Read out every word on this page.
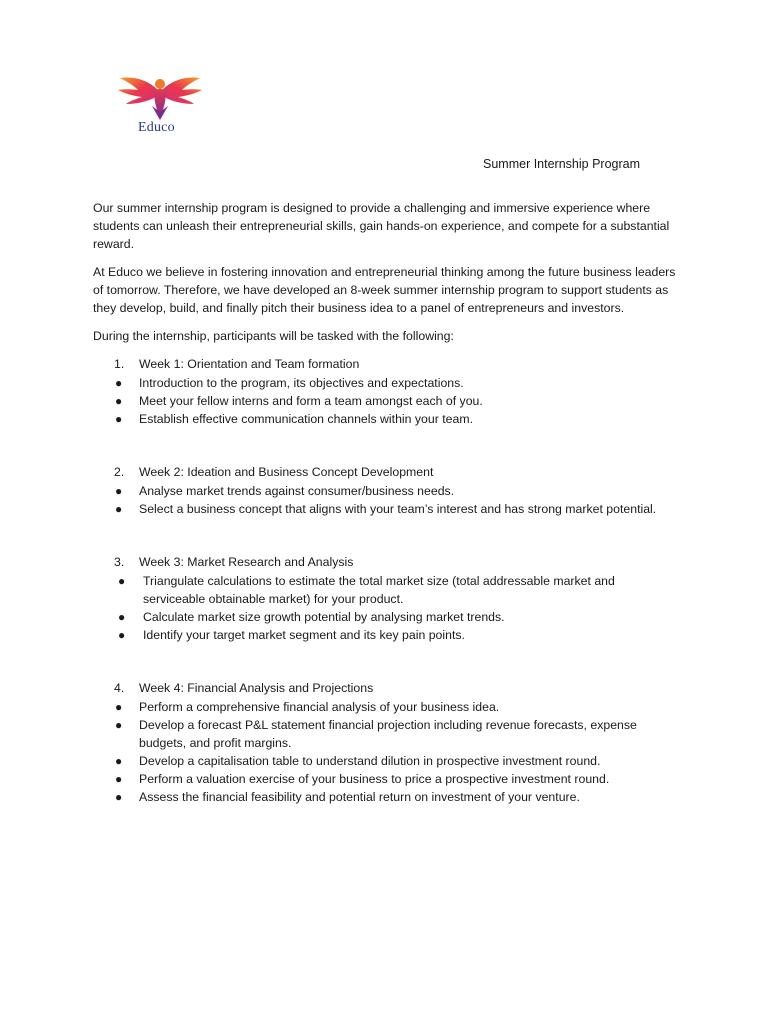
Educo
Summer Internship Program

Our summer internship program is designed to provide a challenging and immersive experience where students can unleash their entrepreneurial skills, gain hands-on experience, and compete for a substantial reward.

At Educo we believe in fostering innovation and entrepreneurial thinking among the future business leaders of tomorrow. Therefore, we have developed an 8-week summer internship program to support students as they develop, build, and finally pitch their business idea to a panel of entrepreneurs and investors.

During the internship, participants will be tasked with the following:

1. Week 1: Orientation and Team formation
● Introduction to the program, its objectives and expectations.
● Meet your fellow interns and form a team amongst each of you.
● Establish effective communication channels within your team.
2. Week 2: Ideation and Business Concept Development
● Analyse market trends against consumer/business needs.
● Select a business concept that aligns with your team’s interest and has strong market potential.
3. Week 3: Market Research and Analysis
● Triangulate calculations to estimate the total market size (total addressable market and serviceable obtainable market) for your product.
● Calculate market size growth potential by analysing market trends.
● Identify your target market segment and its key pain points.
4. Week 4: Financial Analysis and Projections
● Perform a comprehensive financial analysis of your business idea.
● Develop a forecast P&L statement financial projection including revenue forecasts, expense budgets, and profit margins.
● Develop a capitalisation table to understand dilution in prospective investment round.
● Perform a valuation exercise of your business to price a prospective investment round.
● Assess the financial feasibility and potential return on investment of your venture.
